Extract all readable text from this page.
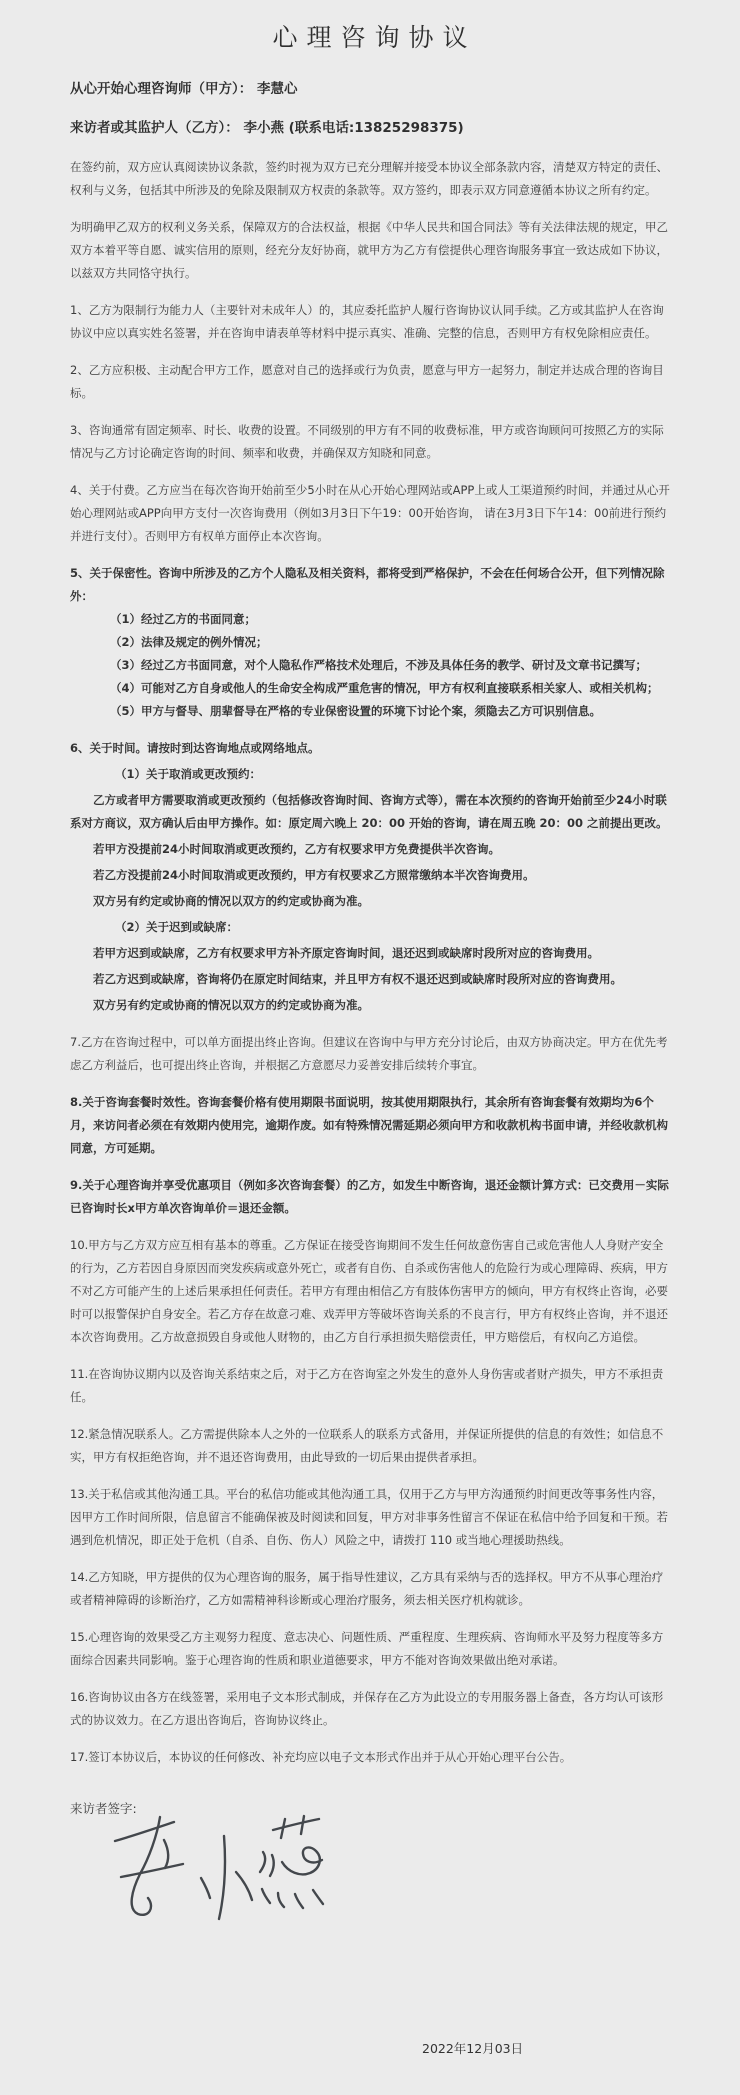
心理咨询协议

从心开始心理咨询师（甲方）： 李慧心

来访者或其监护人（乙方）： 李小燕 (联系电话:13825298375)

在签约前，双方应认真阅读协议条款，签约时视为双方已充分理解并接受本协议全部条款内容，清楚双方特定的责任、权利与义务，包括其中所涉及的免除及限制双方权责的条款等。双方签约，即表示双方同意遵循本协议之所有约定。

为明确甲乙双方的权利义务关系，保障双方的合法权益，根据《中华人民共和国合同法》等有关法律法规的规定，甲乙双方本着平等自愿、诚实信用的原则，经充分友好协商，就甲方为乙方有偿提供心理咨询服务事宜一致达成如下协议，以兹双方共同恪守执行。

1、乙方为限制行为能力人（主要针对未成年人）的，其应委托监护人履行咨询协议认同手续。乙方或其监护人在咨询协议中应以真实姓名签署，并在咨询申请表单等材料中提示真实、准确、完整的信息，否则甲方有权免除相应责任。

2、乙方应积极、主动配合甲方工作，愿意对自己的选择或行为负责，愿意与甲方一起努力，制定并达成合理的咨询目标。

3、咨询通常有固定频率、时长、收费的设置。不同级别的甲方有不同的收费标准，甲方或咨询顾问可按照乙方的实际情况与乙方讨论确定咨询的时间、频率和收费，并确保双方知晓和同意。

4、关于付费。乙方应当在每次咨询开始前至少5小时在从心开始心理网站或APP上或人工渠道预约时间，并通过从心开始心理网站或APP向甲方支付一次咨询费用（例如3月3日下午19：00开始咨询， 请在3月3日下午14：00前进行预约并进行支付）。否则甲方有权单方面停止本次咨询。

5、关于保密性。咨询中所涉及的乙方个人隐私及相关资料，都将受到严格保护，不会在任何场合公开，但下列情况除外：

（1）经过乙方的书面同意；

（2）法律及规定的例外情况；

（3）经过乙方书面同意，对个人隐私作严格技术处理后，不涉及具体任务的教学、研讨及文章书记撰写；

（4）可能对乙方自身或他人的生命安全构成严重危害的情况，甲方有权利直接联系相关家人、或相关机构；

（5）甲方与督导、朋辈督导在严格的专业保密设置的环境下讨论个案，须隐去乙方可识别信息。

6、关于时间。请按时到达咨询地点或网络地点。

（1）关于取消或更改预约：

乙方或者甲方需要取消或更改预约（包括修改咨询时间、咨询方式等），需在本次预约的咨询开始前至少24小时联系对方商议，双方确认后由甲方操作。如：原定周六晚上 20：00 开始的咨询，请在周五晚 20：00 之前提出更改。

若甲方没提前24小时间取消或更改预约，乙方有权要求甲方免费提供半次咨询。

若乙方没提前24小时间取消或更改预约，甲方有权要求乙方照常缴纳本半次咨询费用。

双方另有约定或协商的情况以双方的约定或协商为准。

（2）关于迟到或缺席：

若甲方迟到或缺席，乙方有权要求甲方补齐原定咨询时间，退还迟到或缺席时段所对应的咨询费用。

若乙方迟到或缺席，咨询将仍在原定时间结束，并且甲方有权不退还迟到或缺席时段所对应的咨询费用。

双方另有约定或协商的情况以双方的约定或协商为准。

7.乙方在咨询过程中，可以单方面提出终止咨询。但建议在咨询中与甲方充分讨论后，由双方协商决定。甲方在优先考虑乙方利益后，也可提出终止咨询，并根据乙方意愿尽力妥善安排后续转介事宜。

8.关于咨询套餐时效性。咨询套餐价格有使用期限书面说明，按其使用期限执行，其余所有咨询套餐有效期均为6个月，来访问者必须在有效期内使用完，逾期作废。如有特殊情况需延期必须向甲方和收款机构书面申请，并经收款机构同意，方可延期。

9.关于心理咨询并享受优惠项目（例如多次咨询套餐）的乙方，如发生中断咨询，退还金额计算方式：已交费用－实际已咨询时长x甲方单次咨询单价＝退还金额。

10.甲方与乙方双方应互相有基本的尊重。乙方保证在接受咨询期间不发生任何故意伤害自己或危害他人人身财产安全的行为，乙方若因自身原因而突发疾病或意外死亡，或者有自伤、自杀或伤害他人的危险行为或心理障碍、疾病，甲方不对乙方可能产生的上述后果承担任何责任。若甲方有理由相信乙方有肢体伤害甲方的倾向，甲方有权终止咨询，必要时可以报警保护自身安全。若乙方存在故意刁难、戏弄甲方等破坏咨询关系的不良言行，甲方有权终止咨询，并不退还本次咨询费用。乙方故意损毁自身或他人财物的，由乙方自行承担损失赔偿责任，甲方赔偿后，有权向乙方追偿。

11.在咨询协议期内以及咨询关系结束之后，对于乙方在咨询室之外发生的意外人身伤害或者财产损失，甲方不承担责任。

12.紧急情况联系人。乙方需提供除本人之外的一位联系人的联系方式备用，并保证所提供的信息的有效性；如信息不实，甲方有权拒绝咨询，并不退还咨询费用，由此导致的一切后果由提供者承担。

13.关于私信或其他沟通工具。平台的私信功能或其他沟通工具，仅用于乙方与甲方沟通预约时间更改等事务性内容，因甲方工作时间所限，信息留言不能确保被及时阅读和回复，甲方对非事务性留言不保证在私信中给予回复和干预。若遇到危机情况，即正处于危机（自杀、自伤、伤人）风险之中，请拨打 110 或当地心理援助热线。

14.乙方知晓，甲方提供的仅为心理咨询的服务，属于指导性建议，乙方具有采纳与否的选择权。甲方不从事心理治疗或者精神障碍的诊断治疗，乙方如需精神科诊断或心理治疗服务，须去相关医疗机构就诊。

15.心理咨询的效果受乙方主观努力程度、意志决心、问题性质、严重程度、生理疾病、咨询师水平及努力程度等多方面综合因素共同影响。鉴于心理咨询的性质和职业道德要求，甲方不能对咨询效果做出绝对承诺。

16.咨询协议由各方在线签署，采用电子文本形式制成，并保存在乙方为此设立的专用服务器上备查，各方均认可该形式的协议效力。在乙方退出咨询后，咨询协议终止。

17.签订本协议后，本协议的任何修改、补充均应以电子文本形式作出并于从心开始心理平台公告。

来访者签字:

2022年12月03日
